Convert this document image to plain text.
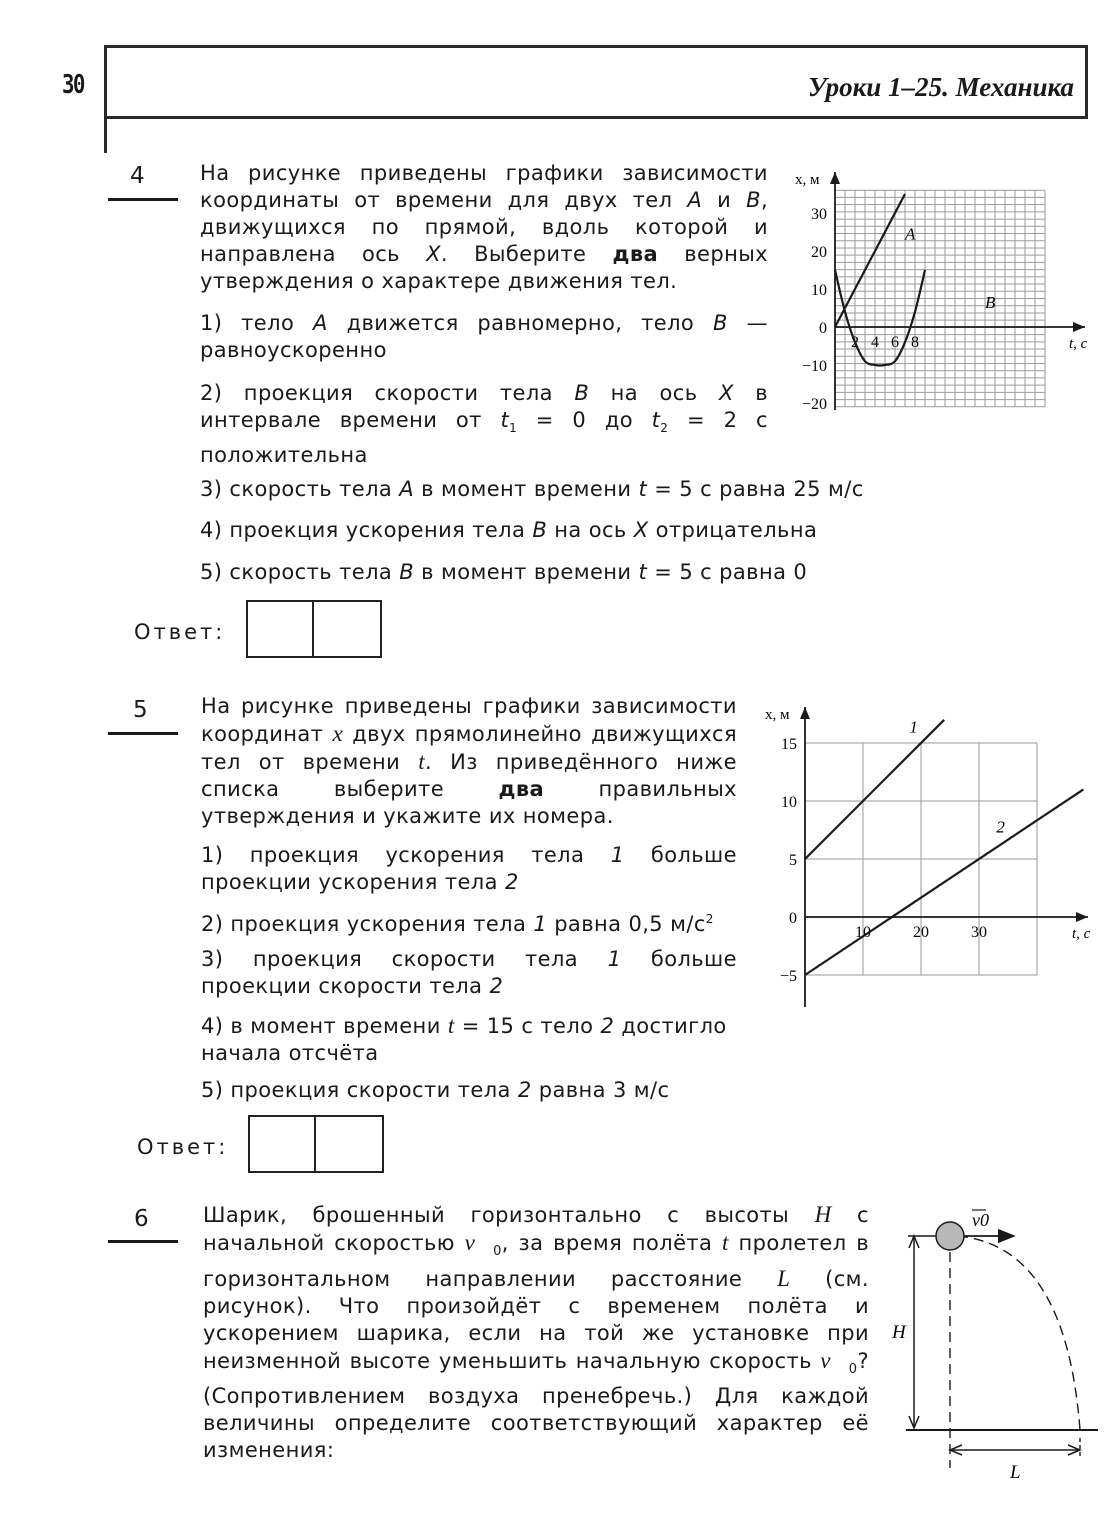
30	Уроки 1–25. Механика
4	На рисунке приведены графики зависимости координаты от времени для двух тел A и B, движущихся по прямой, вдоль которой и направлена ось X. Выберите два верных утверждения о характере движения тел.
1) тело A движется равномерно, тело B — равноускоренно
2) проекция скорости тела B на ось X в интервале времени от $t_1 = 0$ до $t_2 = 2$ с положительна
3) скорость тела A в момент времени t = 5 с равна 25 м/с
4) проекция ускорения тела B на ось X отрицательна
5) скорость тела B в момент времени t = 5 с равна 0
Ответ:
x, м
t, c
2 4 6 8
0
30
20
10
−10
−20
A
B
5	На рисунке приведены графики зависимости координат x двух прямолинейно движущихся тел от времени t. Из приведённого ниже списка выберите два правильных утверждения и укажите их номера.
1) проекция ускорения тела 1 больше проекции ускорения тела 2
2) проекция ускорения тела 1 равна 0,5 $м/с^2$
3) проекция скорости тела 1 больше проекции скорости тела 2
4) в момент времени t = 15 с тело 2 достигло начала отсчёта
5) проекция скорости тела 2 равна 3 м/с
Ответ:
x, м
t, c
10	20	30
0
15
10
5
−5
1
2
6	Шарик, брошенный горизонтально с высоты H с начальной скоростью $v⃗_0$, за время полёта t пролетел в горизонтальном направлении расстояние L (см. рисунок). Что произойдёт с временем полёта и ускорением шарика, если на той же установке при неизменной высоте уменьшить начальную скорость $v⃗_0$? (Сопротивлением воздуха пренебречь.) Для каждой величины определите соответствующий характер её изменения:
H
v0
L
